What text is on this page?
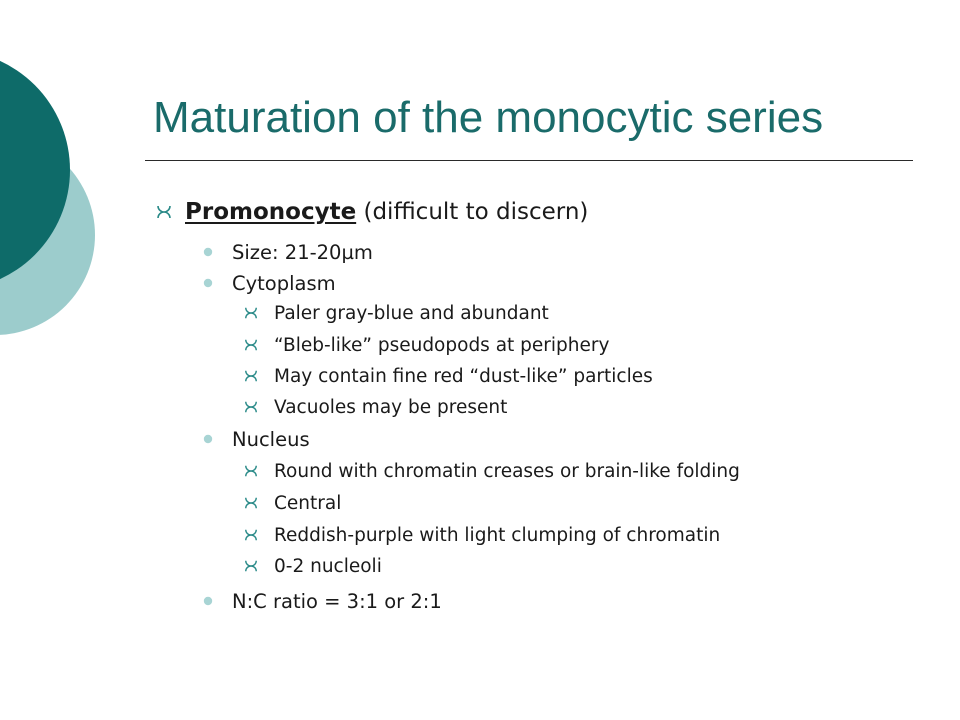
Maturation of the monocytic series
Promonocyte (difficult to discern)
Size: 21-20µm
Cytoplasm
Paler gray-blue and abundant
“Bleb-like” pseudopods at periphery
May contain fine red “dust-like” particles
Vacuoles may be present
Nucleus
Round with chromatin creases or brain-like folding
Central
Reddish-purple with light clumping of chromatin
0-2 nucleoli
N:C ratio = 3:1 or 2:1
